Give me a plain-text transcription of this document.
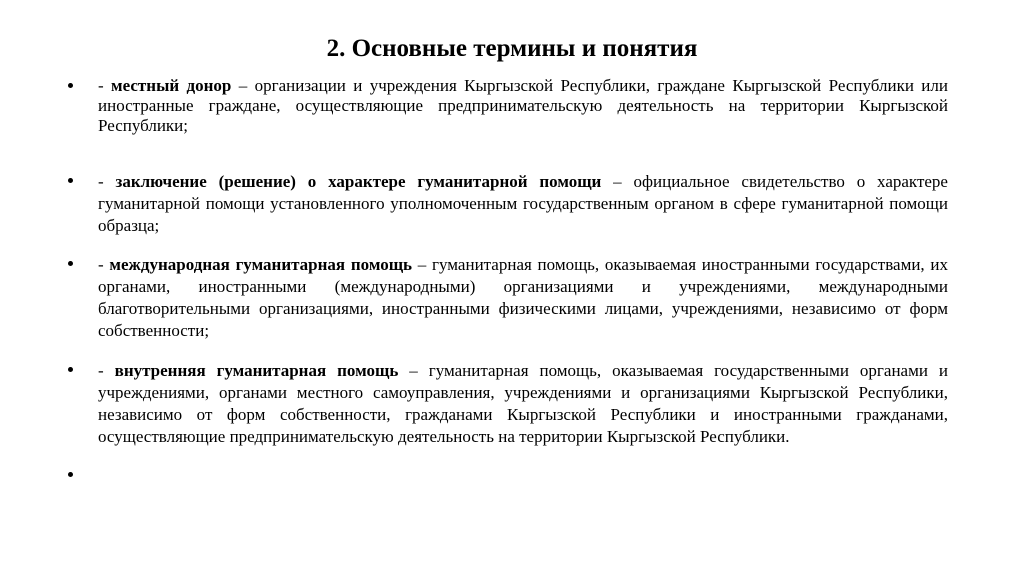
2. Основные термины и понятия
- местный донор – организации и учреждения Кыргызской Республики, граждане Кыргызской Республики или иностранные граждане, осуществляющие предпринимательскую деятельность на территории Кыргызской Республики;
- заключение (решение) о характере гуманитарной помощи – официальное свидетельство о характере гуманитарной помощи установленного уполномоченным государственным органом в сфере гуманитарной помощи образца;
- международная гуманитарная помощь – гуманитарная помощь, оказываемая иностранными государствами, их органами, иностранными (международными) организациями и учреждениями, международными благотворительными организациями, иностранными физическими лицами, учреждениями, независимо от форм собственности;
- внутренняя гуманитарная помощь – гуманитарная помощь, оказываемая государственными органами и учреждениями, органами местного самоуправления, учреждениями и организациями Кыргызской Республики, независимо от форм собственности, гражданами Кыргызской Республики и иностранными гражданами, осуществляющие предпринимательскую деятельность на территории Кыргызской Республики.
